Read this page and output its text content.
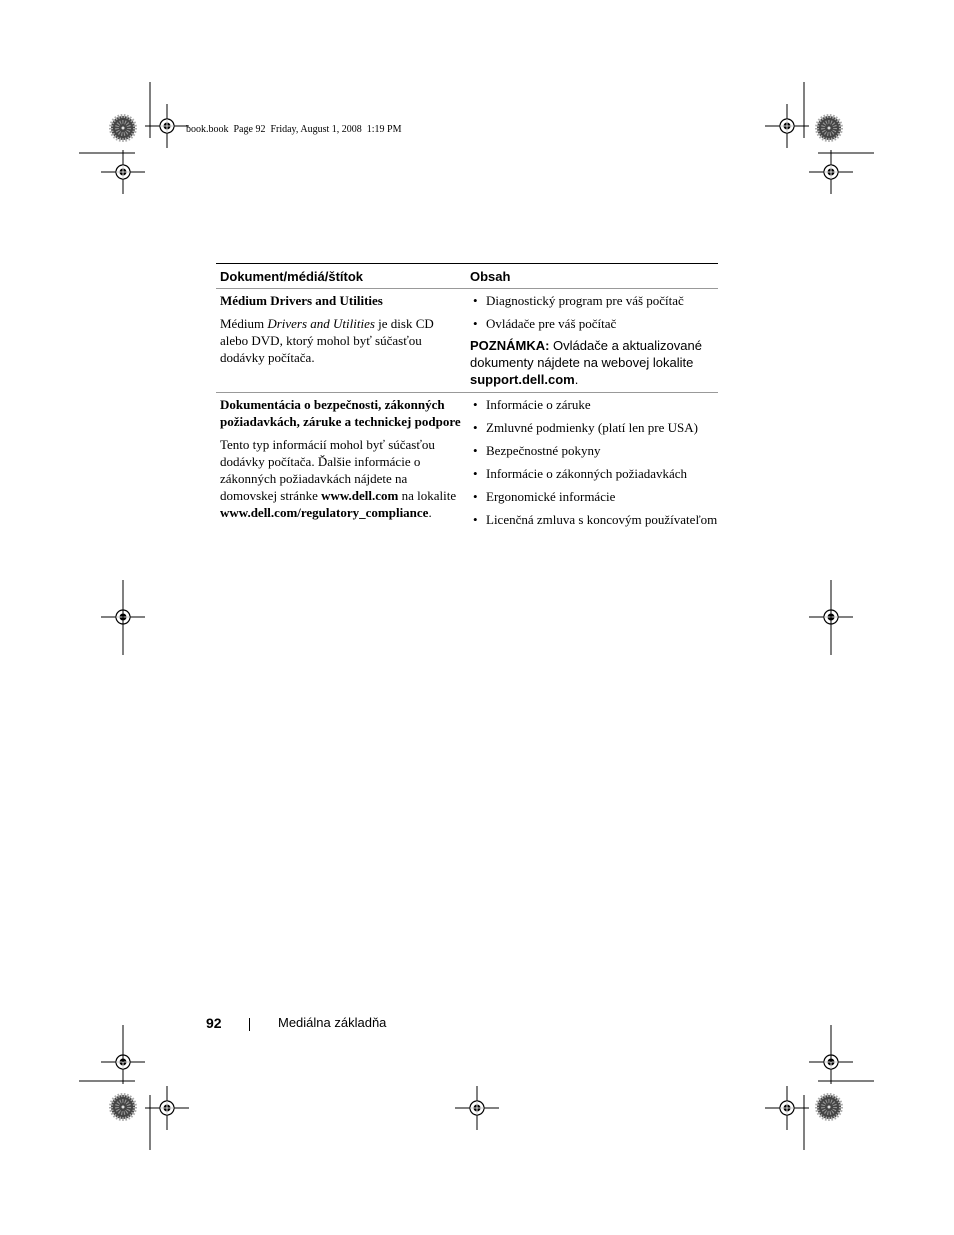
book.book  Page 92  Friday, August 1, 2008  1:19 PM
Dokument/médiá/štítok	Obsah
Médium Drivers and Utilities
Médium Drivers and Utilities je disk CD alebo DVD, ktorý mohol byť súčasťou dodávky počítača.
• Diagnostický program pre váš počítač
• Ovládače pre váš počítač
POZNÁMKA: Ovládače a aktualizované dokumenty nájdete na webovej lokalite support.dell.com.
Dokumentácia o bezpečnosti, zákonných požiadavkách, záruke a technickej podpore
Tento typ informácií mohol byť súčasťou dodávky počítača. Ďalšie informácie o zákonných požiadavkách nájdete na domovskej stránke www.dell.com na lokalite www.dell.com/regulatory_compliance.
• Informácie o záruke
• Zmluvné podmienky (platí len pre USA)
• Bezpečnostné pokyny
• Informácie o zákonných požiadavkách
• Ergonomické informácie
• Licenčná zmluva s koncovým používateľom
92	Mediálna základňa
